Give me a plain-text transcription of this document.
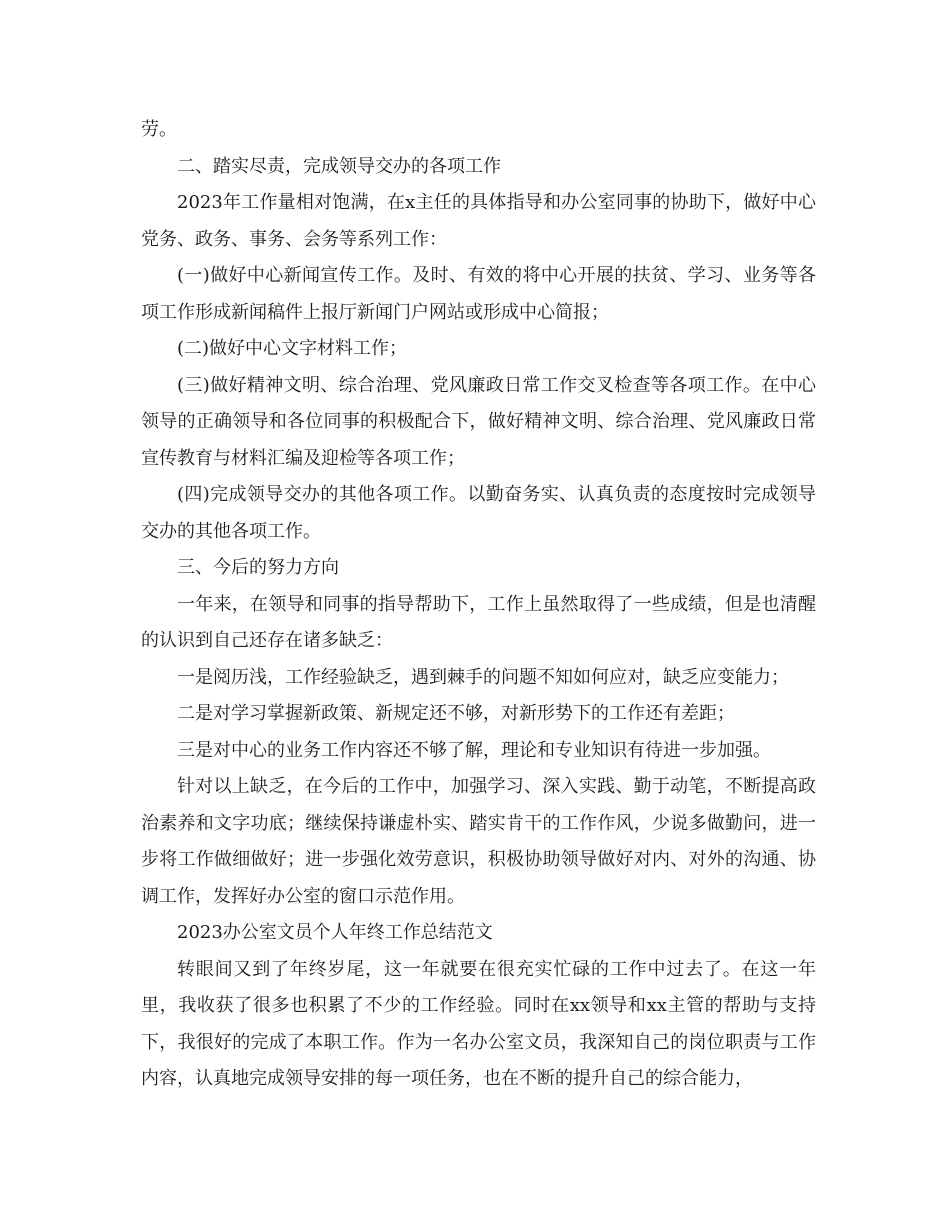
劳。

二、踏实尽责，完成领导交办的各项工作

2023年工作量相对饱满，在x主任的具体指导和办公室同事的协助下，做好中心党务、政务、事务、会务等系列工作：

(一)做好中心新闻宣传工作。及时、有效的将中心开展的扶贫、学习、业务等各项工作形成新闻稿件上报厅新闻门户网站或形成中心简报；

(二)做好中心文字材料工作；

(三)做好精神文明、综合治理、党风廉政日常工作交叉检查等各项工作。在中心领导的正确领导和各位同事的积极配合下，做好精神文明、综合治理、党风廉政日常宣传教育与材料汇编及迎检等各项工作；

(四)完成领导交办的其他各项工作。以勤奋务实、认真负责的态度按时完成领导交办的其他各项工作。

三、今后的努力方向

一年来，在领导和同事的指导帮助下，工作上虽然取得了一些成绩，但是也清醒的认识到自己还存在诸多缺乏：

一是阅历浅，工作经验缺乏，遇到棘手的问题不知如何应对，缺乏应变能力；

二是对学习掌握新政策、新规定还不够，对新形势下的工作还有差距；

三是对中心的业务工作内容还不够了解，理论和专业知识有待进一步加强。

针对以上缺乏，在今后的工作中，加强学习、深入实践、勤于动笔，不断提高政治素养和文字功底；继续保持谦虚朴实、踏实肯干的工作作风，少说多做勤问，进一步将工作做细做好；进一步强化效劳意识，积极协助领导做好对内、对外的沟通、协调工作，发挥好办公室的窗口示范作用。

2023办公室文员个人年终工作总结范文

转眼间又到了年终岁尾，这一年就要在很充实忙碌的工作中过去了。在这一年里，我收获了很多也积累了不少的工作经验。同时在xx领导和xx主管的帮助与支持下，我很好的完成了本职工作。作为一名办公室文员，我深知自己的岗位职责与工作内容，认真地完成领导安排的每一项任务，也在不断的提升自己的综合能力，
